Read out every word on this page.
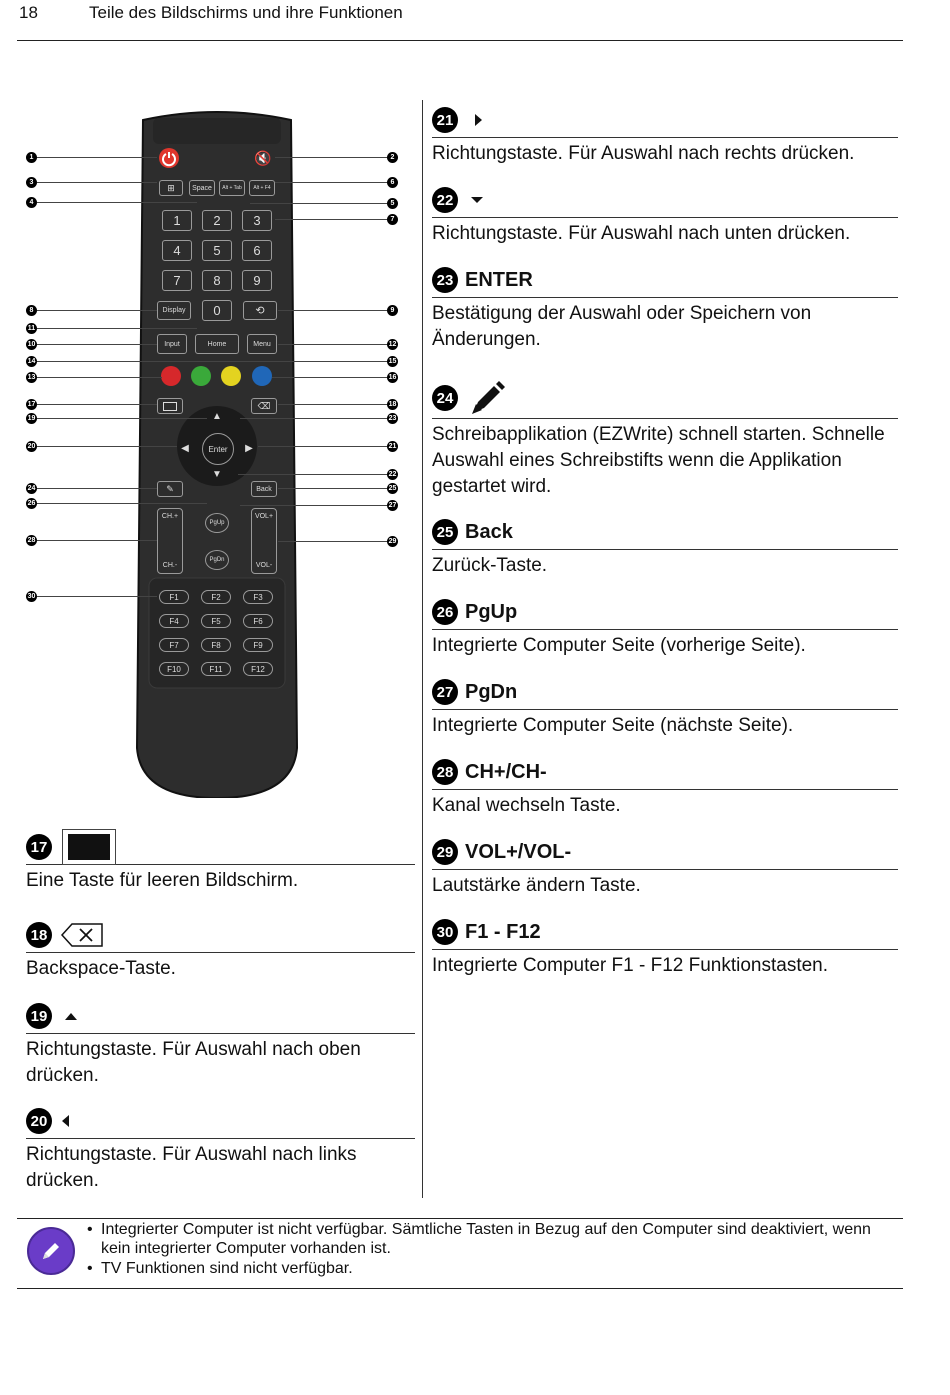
18	Teile des Bildschirms und ihre Funktionen
🔇
⊞	Space	Alt + Tab	Alt + F4
1	2	3
4	5	6
7	8	9
Display	0	⟲
Input	Home	Menu
⌫
▲
◀	▶
▼
Enter
✎	Back
CH.+
CH.-
PgUp
PgDn
VOL+
VOL-
F1	F2	F3
F4	F5	F6
F7	F8	F9
F10	F11	F12
1
3
4
8
11
10
14
13
17
19
20
24
26
28
30
2
6
5
7
9
12
15
16
18
23
21
22
25
27
29
17
Eine Taste für leeren Bildschirm.
18
Backspace-Taste.
19
Richtungstaste. Für Auswahl nach oben drücken.
20
Richtungstaste. Für Auswahl nach links drücken.
21
Richtungstaste. Für Auswahl nach rechts drücken.
22
Richtungstaste. Für Auswahl nach unten drücken.
23 ENTER
Bestätigung der Auswahl oder Speichern von Änderungen.
24
Schreibapplikation (EZWrite) schnell starten. Schnelle Auswahl eines Schreibstifts wenn die Applikation gestartet wird.
25 Back
Zurück-Taste.
26 PgUp
Integrierte Computer Seite (vorherige Seite).
27 PgDn
Integrierte Computer Seite (nächste Seite).
28 CH+/CH-
Kanal wechseln Taste.
29 VOL+/VOL-
Lautstärke ändern Taste.
30 F1 - F12
Integrierte Computer F1 - F12 Funktionstasten.
• Integrierter Computer ist nicht verfügbar. Sämtliche Tasten in Bezug auf den Computer sind deaktiviert, wenn kein integrierter Computer vorhanden ist.
• TV Funktionen sind nicht verfügbar.
